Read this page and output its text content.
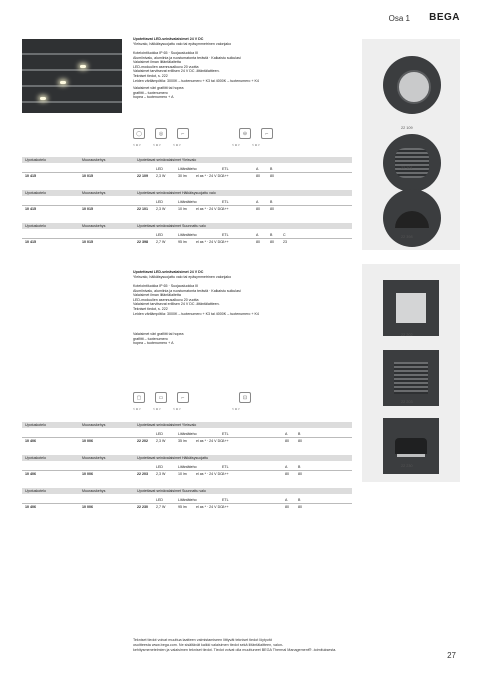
Osa 1 BEGA
Upotettavat LED-seinävalaisimet 24 V DC
Yleisvalo, häikäisysuojattu valo tai epäsymmetrinen valonjako
Kotelointiluokka IP 65 · Suojausluokka III
Alumiinivalu, alumiinia ja ruostumatonta terästä · Kalkaistu suikulasi
Valaisimet ilman liitäntälaitetta
LED-moduulien asennusalkuvu 20 vuotta
Valaisimet tarvitsevat erillisen 24 V DC -liitäntälaitteen.
Tekniset tiedot, s. 222
Leiden värilämpötila: 3000K – tuotenumero + K3 tai 4000K – tuotenumero + K4
Valaisimet väri grafiitti tai hopea
grafiitti – tuotenumero
hopea – tuotenumero + A
◯	◎	⌐	⊖	⌐
< a >	< a >	< a >	< a >	< a >
Upotuskotelo	Muurauskehys	Upotettavat seinävalaisimet Yleisvalo
LED	Liitäntäteho	ETL	A	B
10 415	10 015	22 109 2,3 W	30 lm	el as * · 24 V DC A++	80	80
Upotuskotelo	Muurauskehys	Upotettavat seinävalaisimet Häikäisysuojattu valo
LED	Liitäntäteho	ETL	A	B
10 415	10 015	22 101 2,3 W	10 lm	el as * · 24 V DC A++	80	80
Upotuskotelo	Muurauskehys	Upotettavat seinävalaisimet Suunnattu valo
LED	Liitäntäteho	ETL	A	B	C
10 415	10 015	22 398 2,7 W	95 lm	el as * · 24 V DC A++	80	80	23
22 109
22 101
22 398
Upotettavat LED-seinävalaisimet 24 V DC
Yleisvalo, häikäisysuojattu valo tai epäsymmetrinen valonjako
Kotelointiluokka IP 65 · Suojausluokka III
Alumiinivalu, alumiinia ja ruostumatonta terästä · Kalkaistu suikulasi
Valaisimet ilman liitäntälaitetta
LED-moduulien asennusalkuvu 20 vuotta
Valaisimet tarvitsevat erillisen 24 V DC -liitäntälaitteen.
Tekniset tiedot, s. 222
Leiden värilämpötila: 3000K – tuotenumero + K3 tai 4000K – tuotenumero + K4
Valaisimet väri grafiitti tai hopea
grafiitti – tuotenumero
hopea – tuotenumero + A
▢	▭	⌐	⊡
< a >	< a >	< a >	< a >
Upotuskotelo	Muurauskehys	Upotettavat seinävalaisimet Yleisvalo
LED	Liitäntäteho	ETL	A	B
10 406	10 006	22 202 2,3 W	35 lm	el as * · 24 V DC A++	80	80
Upotuskotelo	Muurauskehys	Upotettavat seinävalaisimet Häikäisysuojattu
LED	Liitäntäteho	ETL	A	B
10 406	10 006	22 203 2,3 W	10 lm	el as * · 24 V DC A++	80	80
Upotuskotelo	Muurauskehys	Upotettavat seinävalaisimet Suunnattu valo
LED	Liitäntäteho	ETL	A	B
10 406	10 006	22 230 2,7 W	95 lm	el as * · 24 V DC A++	80	80
22 202
22 203
22 230
Tekniset tiedot voivat muuttua laatteen valmistamiseen liittyvät tekniset tiedot löytyvät
osoitteesta www.bega.com. Ne sisältävät kaikki valaisimen tiedot sekä liitäntälaitteen, valon-
kehitysmenetelmien ja valaisimen tekniset tiedot. Tiedot voivat olla muuttuneet BEGA Thermal Management® -toimituksesta.
27
